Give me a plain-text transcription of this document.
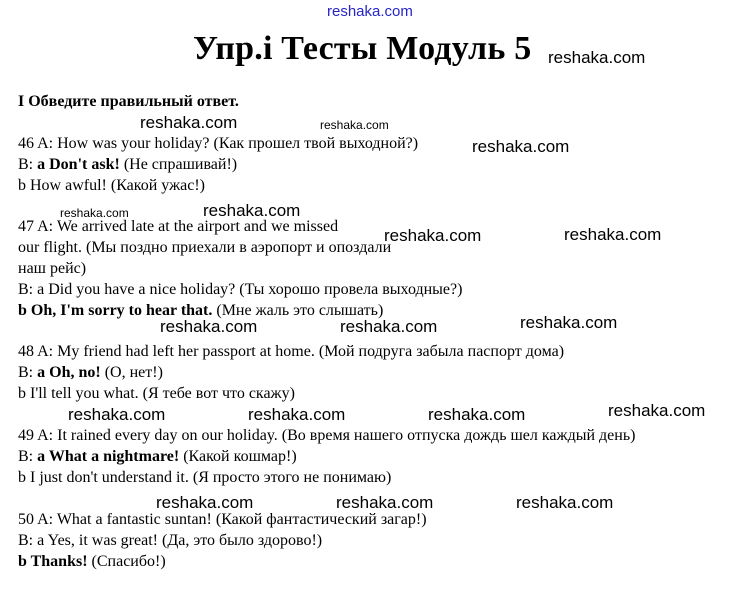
reshaka.com
Упр.i Тесты Модуль 5 reshaka.com
I Обведите правильный ответ.
reshaka.com	reshaka.com
46 A: How was your holiday? (Как прошел твой выходной?)	reshaka.com
B: a Don't ask! (Не спрашивай!)
b How awful! (Какой ужас!)
reshaka.com	reshaka.com
47 A: We arrived late at the airport and we missed	reshaka.com	reshaka.com
our flight. (Мы поздно приехали в аэропорт и опоздали
наш рейс)
B: a Did you have a nice holiday? (Ты хорошо провела выходные?)
b Oh, I'm sorry to hear that. (Мне жаль это слышать)
reshaka.com	reshaka.com	reshaka.com
48 A: My friend had left her passport at home. (Мой подруга забыла паспорт дома)
B: a Oh, no! (О, нет!)
b I'll tell you what. (Я тебе вот что скажу)
reshaka.com	reshaka.com	reshaka.com	reshaka.com
49 A: It rained every day on our holiday. (Во время нашего отпуска дождь шел каждый день)
B: a What a nightmare! (Какой кошмар!)
b I just don't understand it. (Я просто этого не понимаю)
reshaka.com	reshaka.com	reshaka.com
50 A: What a fantastic suntan! (Какой фантастический загар!)
B: a Yes, it was great! (Да, это было здорово!)
b Thanks! (Спасибо!)
